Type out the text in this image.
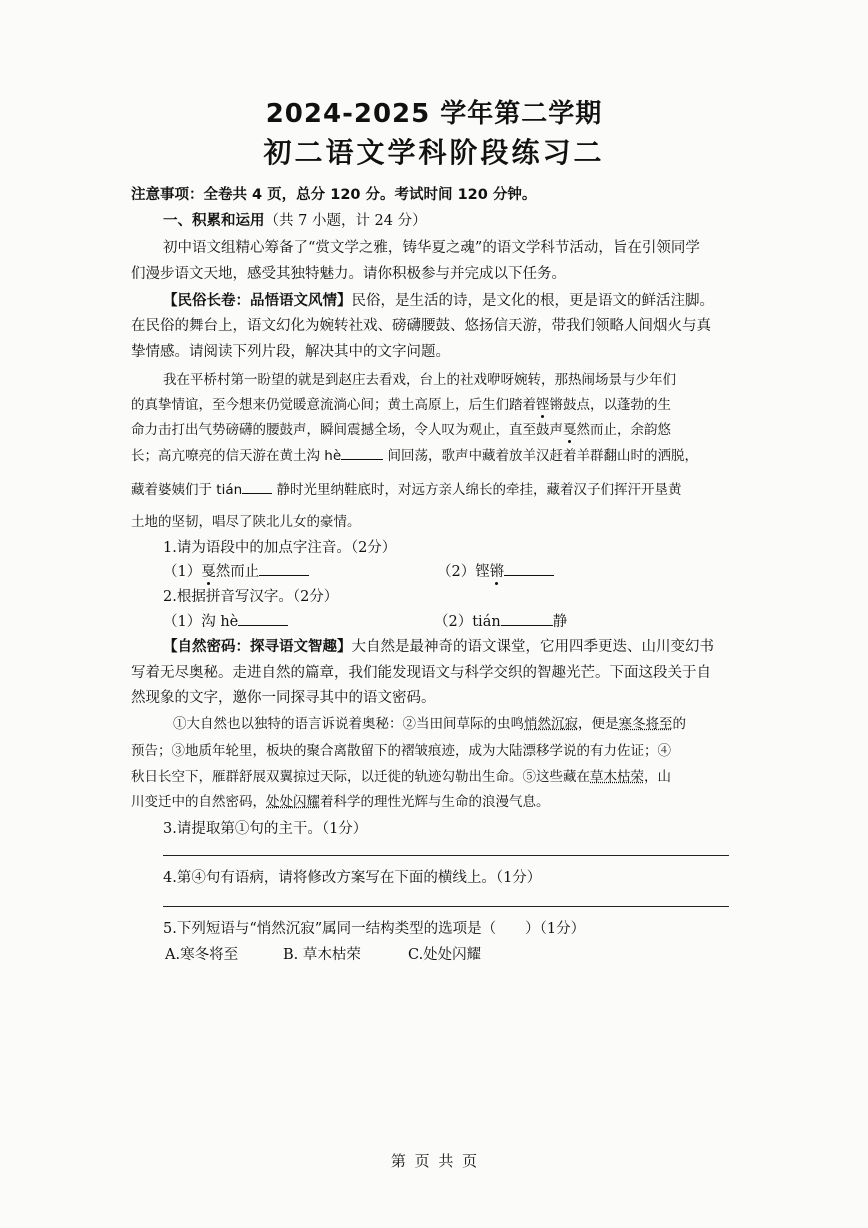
2024-2025 学年第二学期
初二语文学科阶段练习二
注意事项：全卷共 4 页，总分 120 分。考试时间 120 分钟。
一、积累和运用（共 7 小题，计 24 分）
初中语文组精心筹备了“赏文学之雅，铸华夏之魂”的语文学科节活动，旨在引领同学
们漫步语文天地，感受其独特魅力。请你积极参与并完成以下任务。
【民俗长卷：品悟语文风情】民俗，是生活的诗，是文化的根，更是语文的鲜活注脚。
在民俗的舞台上，语文幻化为婉转社戏、磅礴腰鼓、悠扬信天游，带我们领略人间烟火与真
挚情感。请阅读下列片段，解决其中的文字问题。
我在平桥村第一盼望的就是到赵庄去看戏，台上的社戏咿呀婉转，那热闹场景与少年们
的真挚情谊，至今想来仍觉暖意流淌心间；黄土高原上，后生们踏着铿锵鼓点，以蓬勃的生
命力击打出气势磅礴的腰鼓声，瞬间震撼全场，令人叹为观止，直至鼓声戛然而止，余韵悠
长；高亢嘹亮的信天游在黄土沟 hè	间回荡，歌声中藏着放羊汉赶着羊群翻山时的洒脱，
藏着婆姨们于 tián 静时光里纳鞋底时，对远方亲人绵长的牵挂，藏着汉子们挥汗开垦黄
土地的坚韧，唱尽了陕北儿女的豪情。
1.请为语段中的加点字注音。（2分）
（1）戛然而止	（2）铿锵
2.根据拼音写汉字。（2分）
（1）沟 hè	（2）tián	静
【自然密码：探寻语文智趣】大自然是最神奇的语文课堂，它用四季更迭、山川变幻书
写着无尽奥秘。走进自然的篇章，我们能发现语文与科学交织的智趣光芒。下面这段关于自
然现象的文字，邀你一同探寻其中的语文密码。
①大自然也以独特的语言诉说着奥秘：②当田间草际的虫鸣悄然沉寂，便是寒冬将至的
预告；③地质年轮里，板块的聚合离散留下的褶皱痕迹，成为大陆漂移学说的有力佐证；④
秋日长空下，雁群舒展双翼掠过天际，以迁徙的轨迹勾勒出生命。⑤这些藏在草木枯荣，山
川变迁中的自然密码，处处闪耀着科学的理性光辉与生命的浪漫气息。
3.请提取第①句的主干。（1分）
4.第④句有语病，请将修改方案写在下面的横线上。（1分）
5.下列短语与“悄然沉寂”属同一结构类型的选项是（　　）（1分）
A.寒冬将至	B. 草木枯荣	C.处处闪耀
第 页 共 页
